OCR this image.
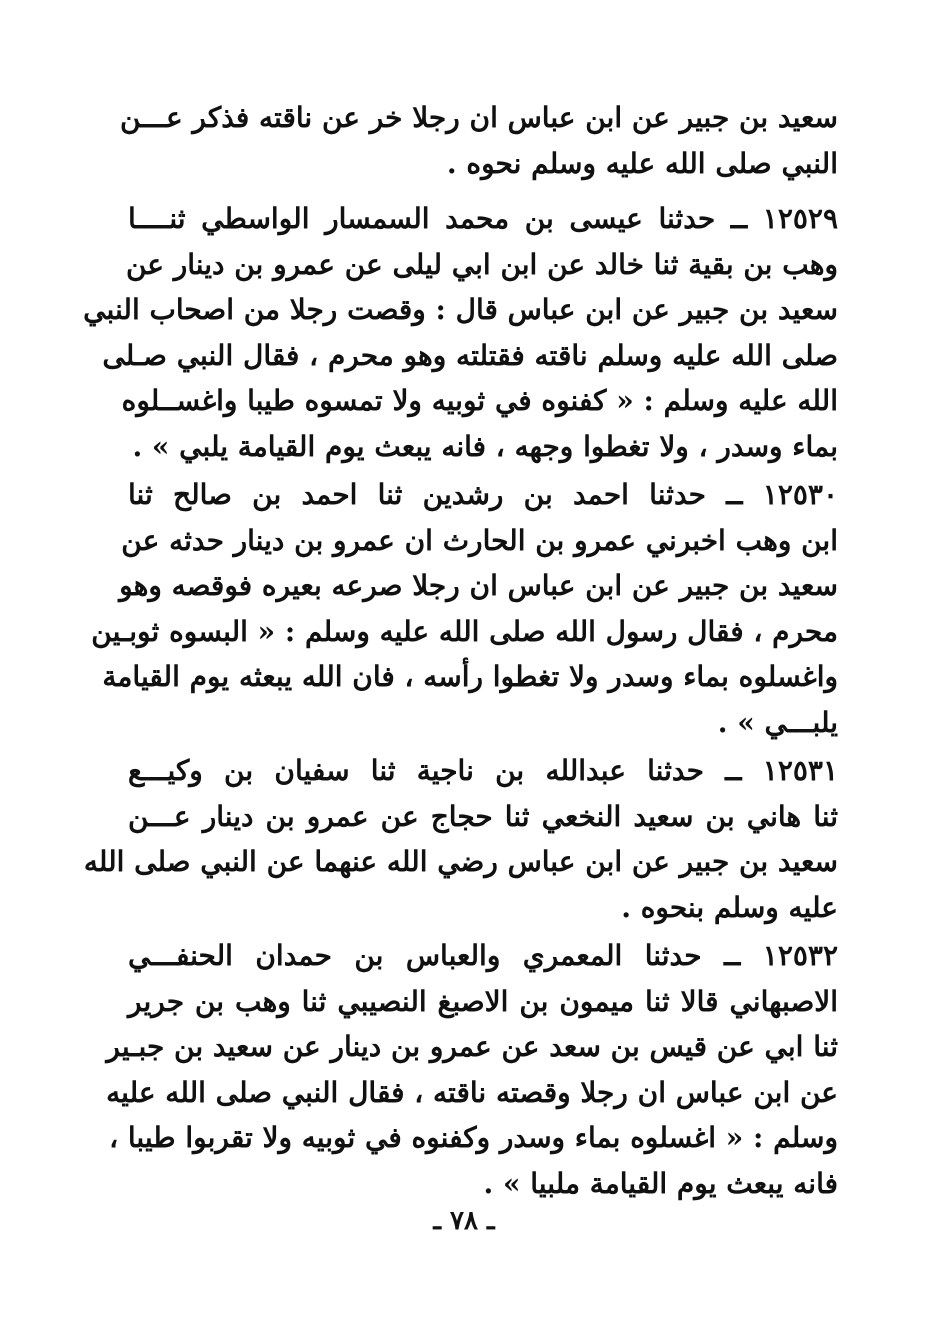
سعيد بن جبير عن ابن عباس ان رجلا خر عن ناقته فذكر عـــن
النبي صلى الله عليه وسلم نحوه .
١٢٥٢٩ ــ حدثنا عيسى بن محمد السمسار الواسطي ثنــــا
وهب بن بقية ثنا خالد عن ابن ابي ليلى عن عمرو بن دينار عن
سعيد بن جبير عن ابن عباس قال : وقصت رجلا من اصحاب النبي
صلى الله عليه وسلم ناقته فقتلته وهو محرم ، فقال النبي صـلى
الله عليه وسلم : « كفنوه في ثوبيه ولا تمسوه طيبا واغســلوه
بماء وسدر ، ولا تغطوا وجهه ، فانه يبعث يوم القيامة يلبي » .
١٢٥٣٠ ــ حدثنا احمد بن رشدين ثنا احمد بن صالح ثنا
ابن وهب اخبرني عمرو بن الحارث ان عمرو بن دينار حدثه عن
سعيد بن جبير عن ابن عباس ان رجلا صرعه بعيره فوقصه وهو
محرم ، فقال رسول الله صلى الله عليه وسلم : « البسوه ثوبـين
واغسلوه بماء وسدر ولا تغطوا رأسه ، فان الله يبعثه يوم القيامة
يلبـــي » .
١٢٥٣١ ــ حدثنا عبدالله بن ناجية ثنا سفيان بن وكيـــع
ثنا هاني بن سعيد النخعي ثنا حجاج عن عمرو بن دينار عـــن
سعيد بن جبير عن ابن عباس رضي الله عنهما عن النبي صلى الله
عليه وسلم بنحوه .
١٢٥٣٢ ــ حدثنا المعمري والعباس بن حمدان الحنفـــي
الاصبهاني قالا ثنا ميمون بن الاصبغ النصيبي ثنا وهب بن جرير
ثنا ابي عن قيس بن سعد عن عمرو بن دينار عن سعيد بن جبـير
عن ابن عباس ان رجلا وقصته ناقته ، فقال النبي صلى الله عليه
وسلم : « اغسلوه بماء وسدر وكفنوه في ثوبيه ولا تقربوا طيبا ،
فانه يبعث يوم القيامة ملبيا » .
ـ ٧٨ ـ
